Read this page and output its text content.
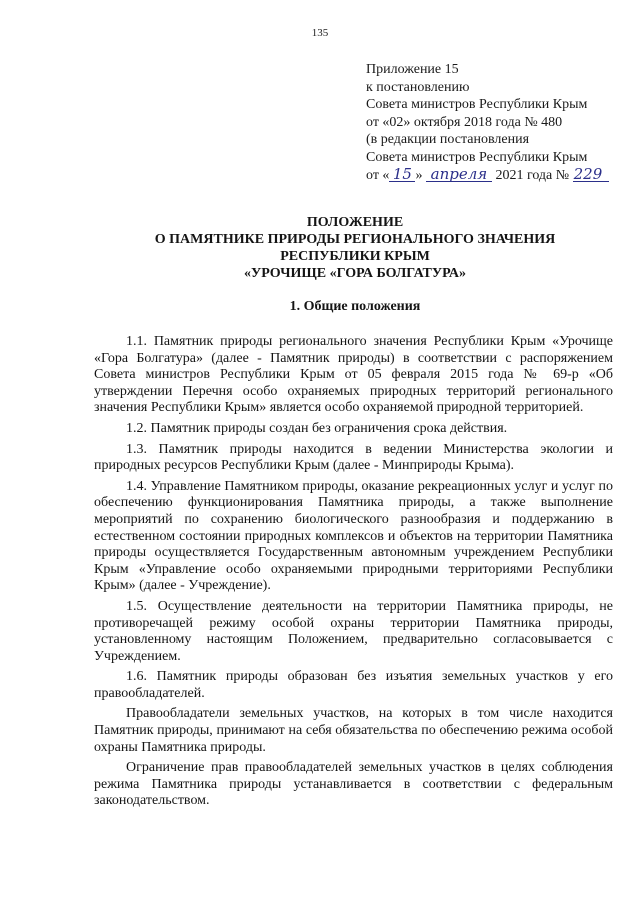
135
Приложение 15
к постановлению
Совета министров Республики Крым
от «02» октября 2018 года № 480
(в редакции постановления
Совета министров Республики Крым
от « 15 » апреля 2021 года № 229
ПОЛОЖЕНИЕ
О ПАМЯТНИКЕ ПРИРОДЫ РЕГИОНАЛЬНОГО ЗНАЧЕНИЯ
РЕСПУБЛИКИ КРЫМ
«УРОЧИЩЕ «ГОРА БОЛГАТУРА»
1. Общие положения

1.1. Памятник природы регионального значения Республики Крым «Урочище «Гора Болгатура» (далее - Памятник природы) в соответствии с распоряжением Совета министров Республики Крым от 05 февраля 2015 года № 69-р «Об утверждении Перечня особо охраняемых природных территорий регионального значения Республики Крым» является особо охраняемой природной территорией.

1.2. Памятник природы создан без ограничения срока действия.

1.3. Памятник природы находится в ведении Министерства экологии и природных ресурсов Республики Крым (далее - Минприроды Крыма).

1.4. Управление Памятником природы, оказание рекреационных услуг и услуг по обеспечению функционирования Памятника природы, а также выполнение мероприятий по сохранению биологического разнообразия и поддержанию в естественном состоянии природных комплексов и объектов на территории Памятника природы осуществляется Государственным автономным учреждением Республики Крым «Управление особо охраняемыми природными территориями Республики Крым» (далее - Учреждение).

1.5. Осуществление деятельности на территории Памятника природы, не противоречащей режиму особой охраны территории Памятника природы, установленному настоящим Положением, предварительно согласовывается с Учреждением.

1.6. Памятник природы образован без изъятия земельных участков у его правообладателей.

Правообладатели земельных участков, на которых в том числе находится Памятник природы, принимают на себя обязательства по обеспечению режима особой охраны Памятника природы.

Ограничение прав правообладателей земельных участков в целях соблюдения режима Памятника природы устанавливается в соответствии с федеральным законодательством.
